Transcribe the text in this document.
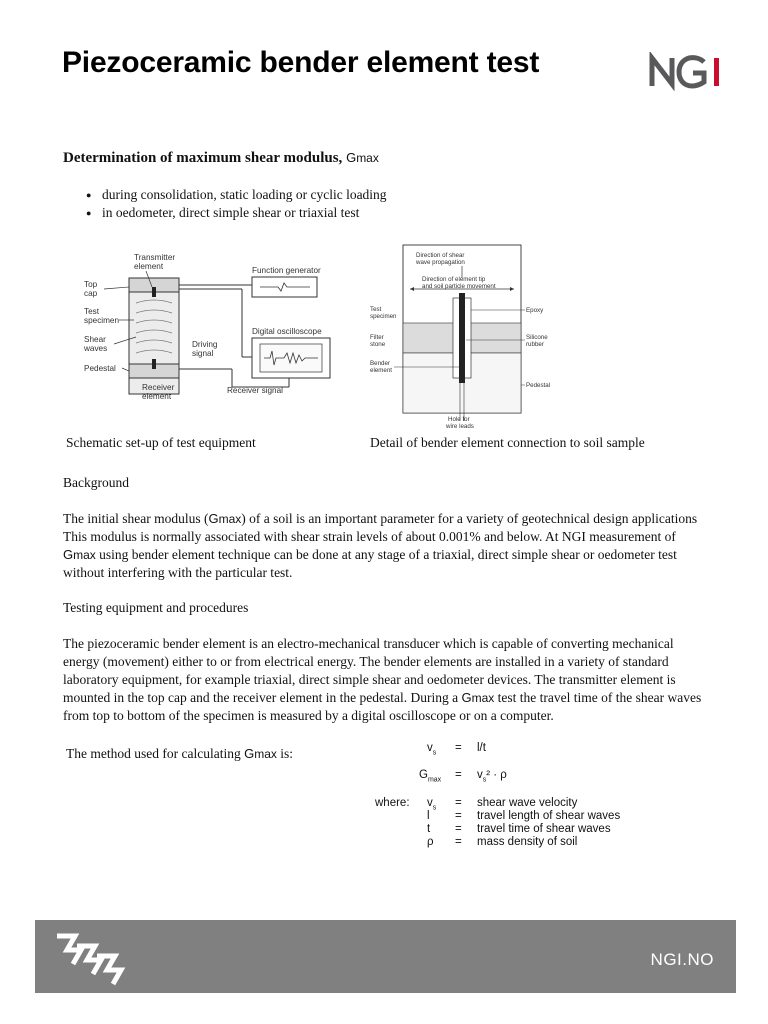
Piezoceramic bender element test
Determination of maximum shear modulus, Gmax
● during consolidation, static loading or cyclic loading
● in oedometer, direct simple shear or triaxial test
Transmitter
element
Top
cap
Test
specimen
Shear
waves
Pedestal
Receiver
element
Function generator
Digital oscilloscope
Driving
signal
Receiver signal
Direction of shear
wave propagation
Direction of element tip
and soil particle movement
Test
specimen
Filter
stone
Bender
element
Epoxy
Silicone
rubber
Pedestal
Hole for
wire leads
Schematic set-up of test equipment	Detail of bender element connection to soil sample
Background

The initial shear modulus (Gmax) of a soil is an important parameter for a variety of geotechnical design applications This modulus is normally associated with shear strain levels of about 0.001% and below. At NGI measurement of Gmax using bender element technique can be done at any stage of a triaxial, direct simple shear or oedometer test without interfering with the particular test.

Testing equipment and procedures

The piezoceramic bender element is an electro-mechanical transducer which is capable of converting mechanical energy (movement) either to or from electrical energy. The bender elements are installed in a variety of standard laboratory equipment, for example triaxial, direct simple shear and oedometer devices. The transmitter element is mounted in the top cap and the receiver element in the pedestal. During a Gmax test the travel time of the shear waves from top to bottom of the specimen is measured by a digital oscilloscope or on a computer.

The method used for calculating Gmax is:	$v_s = l/t$
$G_{max} = v_s^2 \cdot \rho$
where: $v_s$ = shear wave velocity
l = travel length of shear waves
t = travel time of shear waves
ρ = mass density of soil
NGI.NO
